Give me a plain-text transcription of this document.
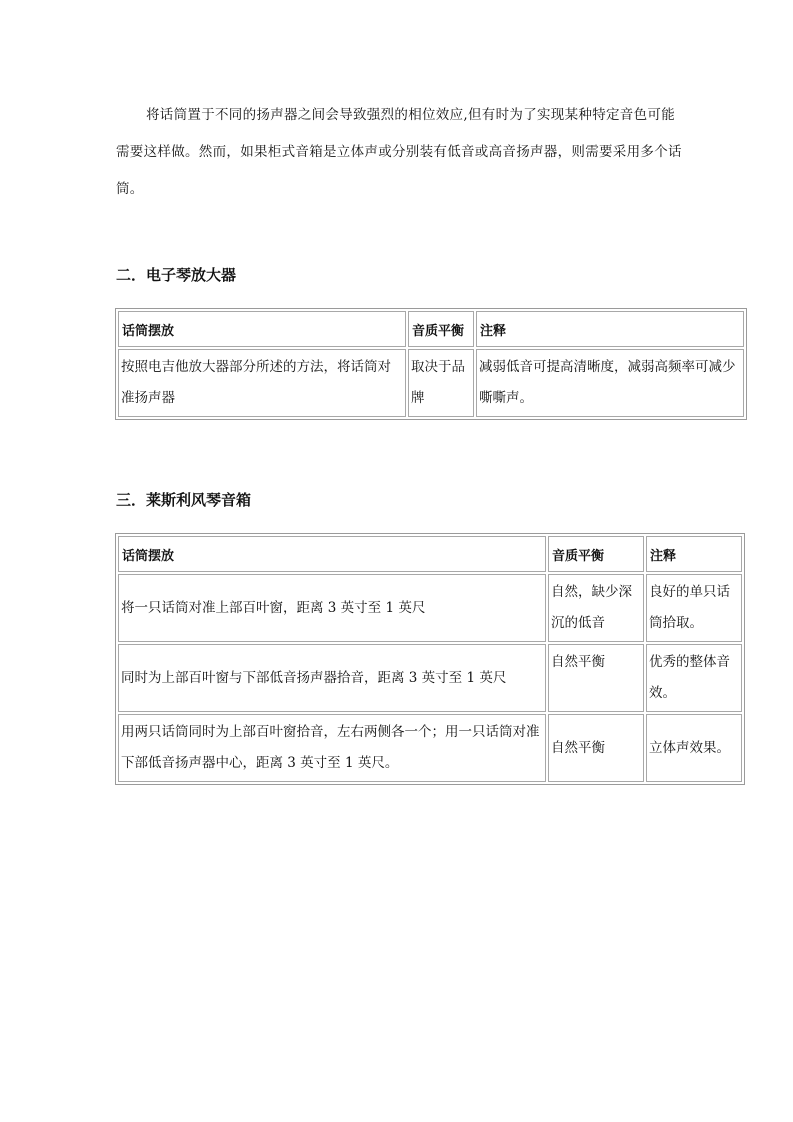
将话筒置于不同的扬声器之间会导致强烈的相位效应,但有时为了实现某种特定音色可能需要这样做。然而，如果柜式音箱是立体声或分别装有低音或高音扬声器，则需要采用多个话筒。
二．电子琴放大器
话筒摆放	音质平衡	注释
按照电吉他放大器部分所述的方法，将话筒对准扬声器	取决于品牌	减弱低音可提高清晰度，减弱高频率可减少嘶嘶声。
三．莱斯利风琴音箱
话筒摆放	音质平衡	注释
将一只话筒对准上部百叶窗，距离 3 英寸至 1 英尺	自然，缺少深沉的低音	良好的单只话筒拾取。
同时为上部百叶窗与下部低音扬声器拾音，距离 3 英寸至 1 英尺	自然平衡	优秀的整体音效。
用两只话筒同时为上部百叶窗拾音，左右两侧各一个；用一只话筒对准下部低音扬声器中心，距离 3 英寸至 1 英尺。	自然平衡	立体声效果。
